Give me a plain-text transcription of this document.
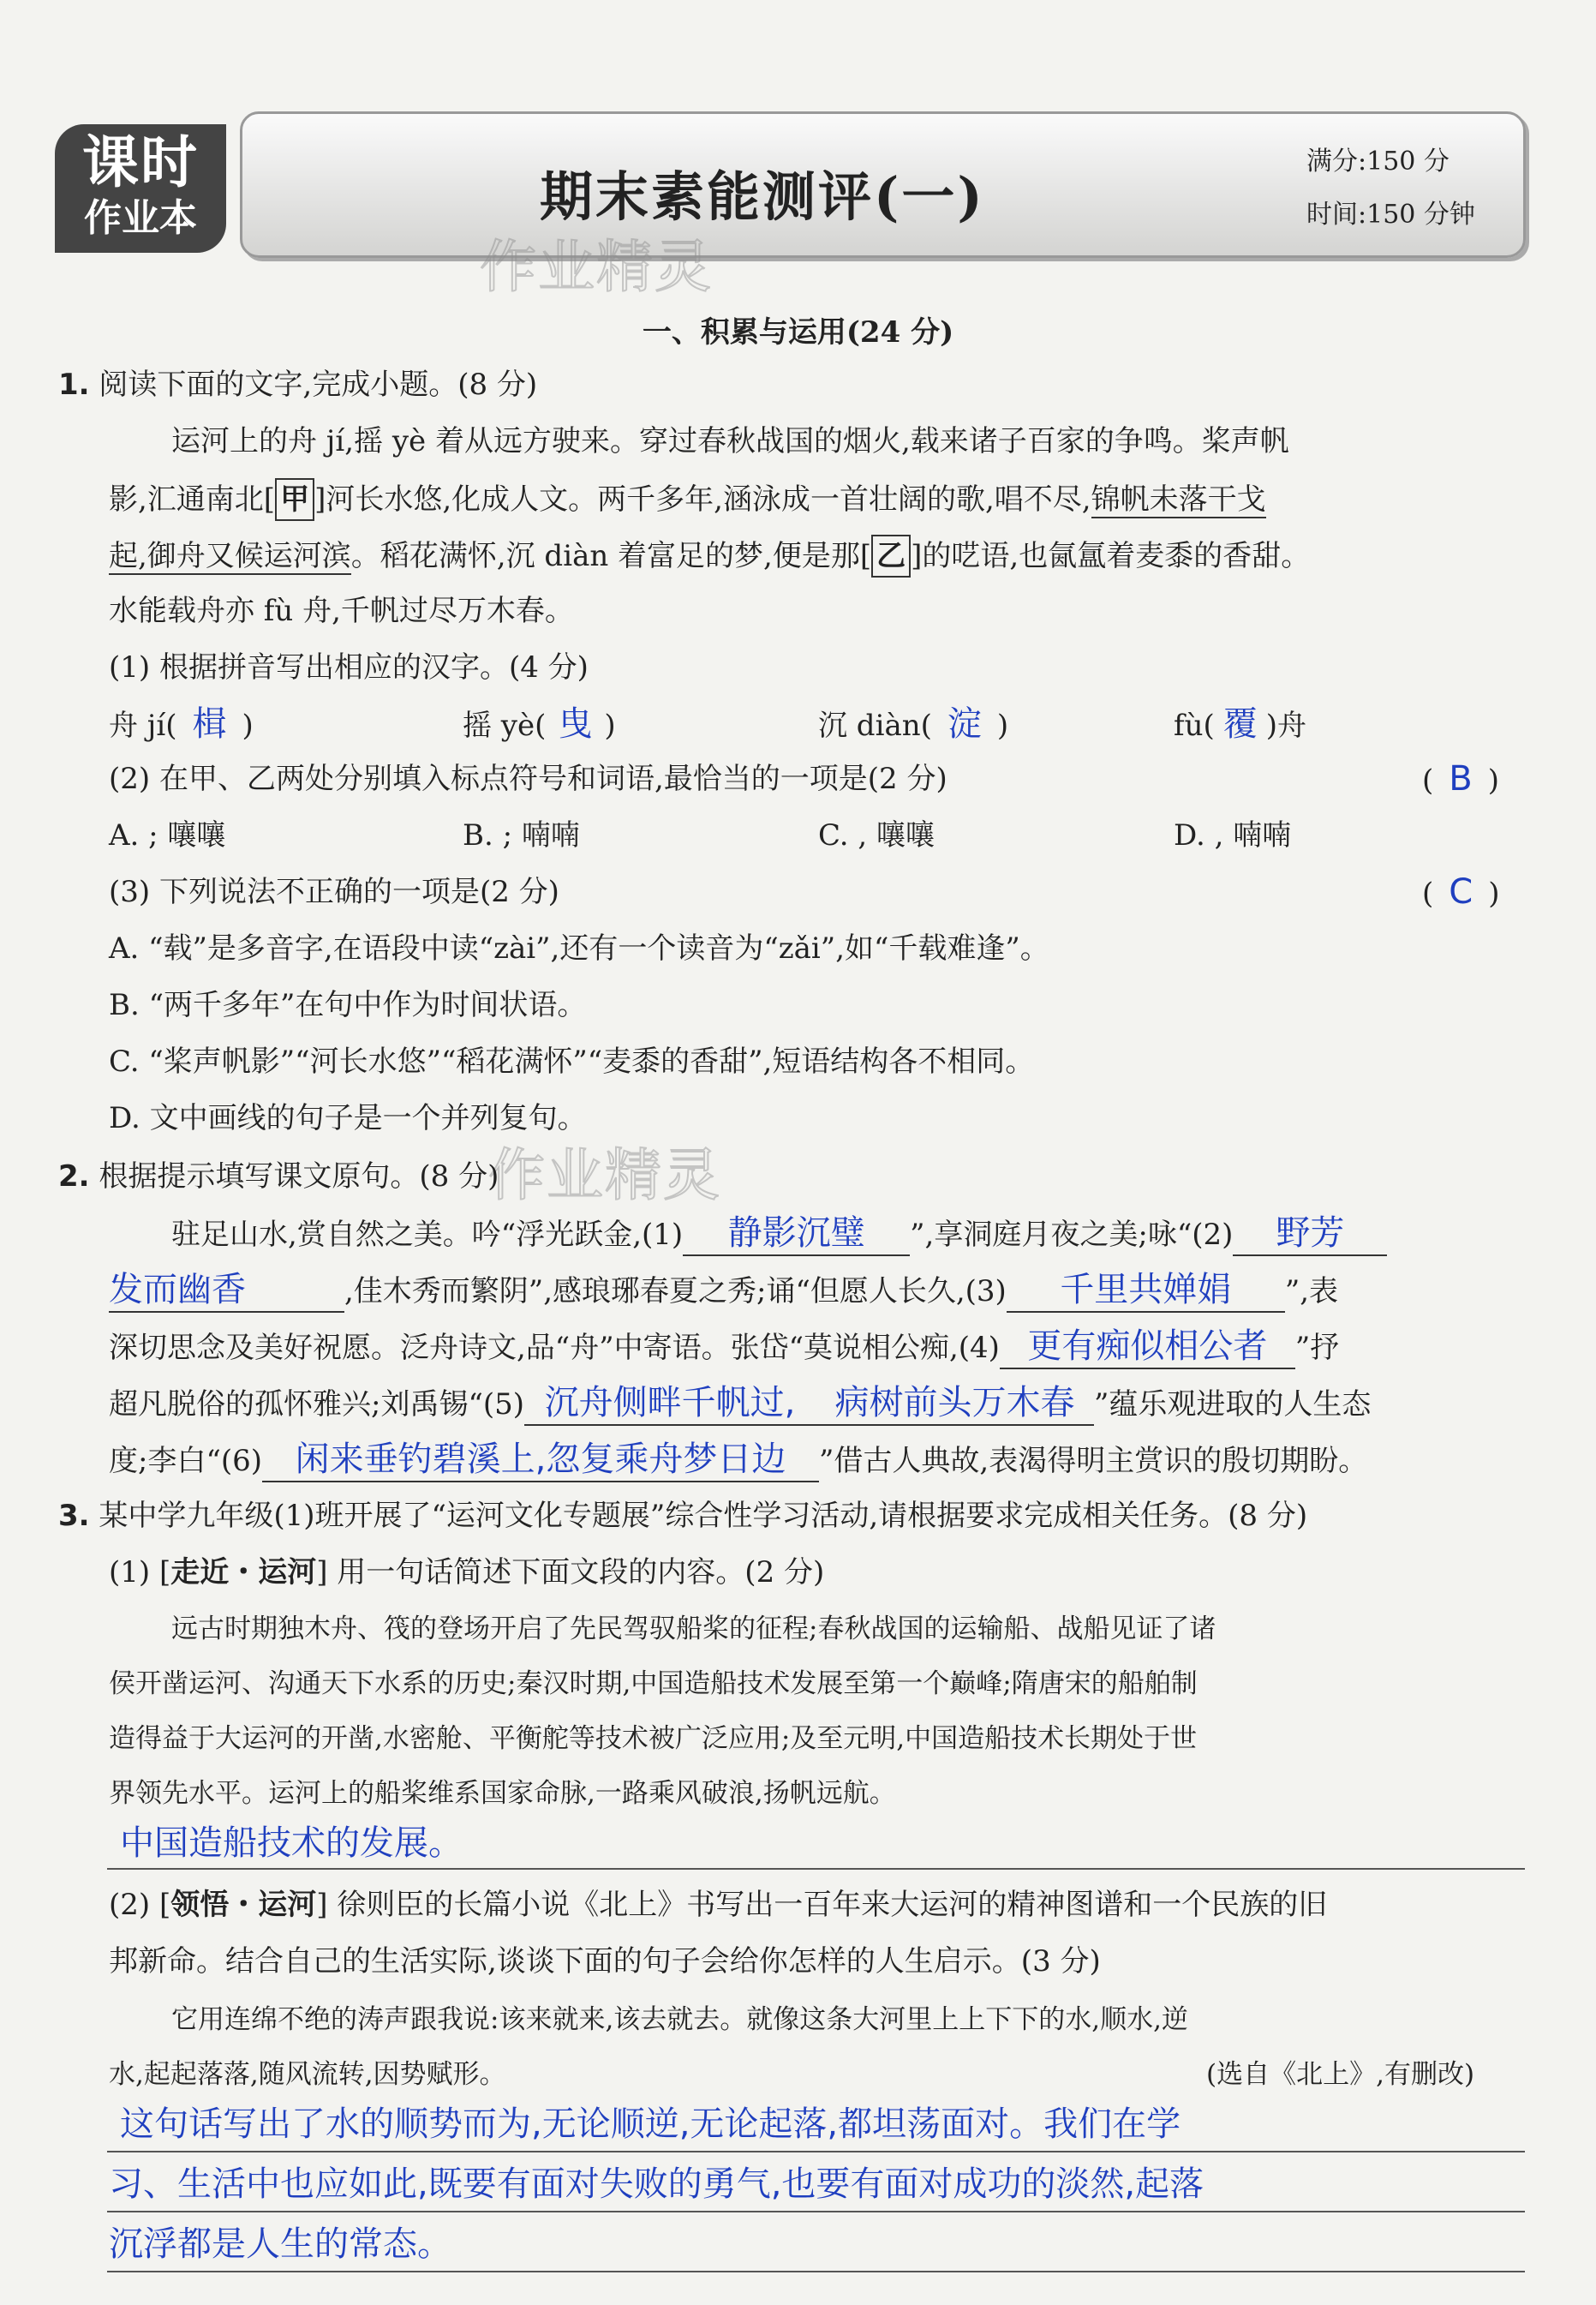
课时
作业本	期末素能测评(一)
满分:150 分
时间:150 分钟
作业精灵
作业精灵
一、积累与运用(24 分)
1. 阅读下面的文字,完成小题。(8 分)
运河上的舟 jí,摇 yè 着从远方驶来。穿过春秋战国的烟火,载来诸子百家的争鸣。桨声帆
影,汇通南北[ 甲 ]河长水悠,化成人文。两千多年,涵泳成一首壮阔的歌,唱不尽,锦帆未落干戈
起,御舟又候运河滨。稻花满怀,沉 diàn 着富足的梦,便是那[ 乙 ]的呓语,也氤氲着麦黍的香甜。
水能载舟亦 fù 舟,千帆过尽万木春。
(1) 根据拼音写出相应的汉字。(4 分)
舟 jí( 楫 )	摇 yè( 曳 )	沉 diàn( 淀 )	fù( 覆 )舟
(2) 在甲、乙两处分别填入标点符号和词语,最恰当的一项是(2 分)	( B )
A. ; 嚷嚷	B. ; 喃喃	C. , 嚷嚷	D. , 喃喃
(3) 下列说法不正确的一项是(2 分)	( C )
A. “载”是多音字,在语段中读“zài”,还有一个读音为“zǎi”,如“千载难逢”。
B. “两千多年”在句中作为时间状语。
C. “桨声帆影”“河长水悠”“稻花满怀”“麦黍的香甜”,短语结构各不相同。
D. 文中画线的句子是一个并列复句。
2. 根据提示填写课文原句。(8 分)
驻足山水,赏自然之美。吟“浮光跃金,(1) 静影沉璧 ”,享洞庭月夜之美;咏“(2) 野芳
发而幽香	,佳木秀而繁阴”,感琅琊春夏之秀;诵“但愿人长久,(3) 千里共婵娟 ”,表
深切思念及美好祝愿。泛舟诗文,品“舟”中寄语。张岱“莫说相公痴,(4) 更有痴似相公者 ”抒
超凡脱俗的孤怀雅兴;刘禹锡“(5) 沉舟侧畔千帆过, 病树前头万木春 ”蕴乐观进取的人生态
度;李白“(6) 闲来垂钓碧溪上,忽复乘舟梦日边 ”借古人典故,表渴得明主赏识的殷切期盼。
3. 某中学九年级(1)班开展了“运河文化专题展”综合性学习活动,请根据要求完成相关任务。(8 分)
(1) [走近・运河] 用一句话简述下面文段的内容。(2 分)
远古时期独木舟、筏的登场开启了先民驾驭船桨的征程;春秋战国的运输船、战船见证了诸
侯开凿运河、沟通天下水系的历史;秦汉时期,中国造船技术发展至第一个巅峰;隋唐宋的船舶制
造得益于大运河的开凿,水密舱、平衡舵等技术被广泛应用;及至元明,中国造船技术长期处于世
界领先水平。运河上的船桨维系国家命脉,一路乘风破浪,扬帆远航。
中国造船技术的发展。
(2) [领悟・运河] 徐则臣的长篇小说《北上》书写出一百年来大运河的精神图谱和一个民族的旧
邦新命。结合自己的生活实际,谈谈下面的句子会给你怎样的人生启示。(3 分)
它用连绵不绝的涛声跟我说:该来就来,该去就去。就像这条大河里上上下下的水,顺水,逆
水,起起落落,随风流转,因势赋形。	(选自《北上》,有删改)
这句话写出了水的顺势而为,无论顺逆,无论起落,都坦荡面对。我们在学
习、生活中也应如此,既要有面对失败的勇气,也要有面对成功的淡然,起落
沉浮都是人生的常态。
